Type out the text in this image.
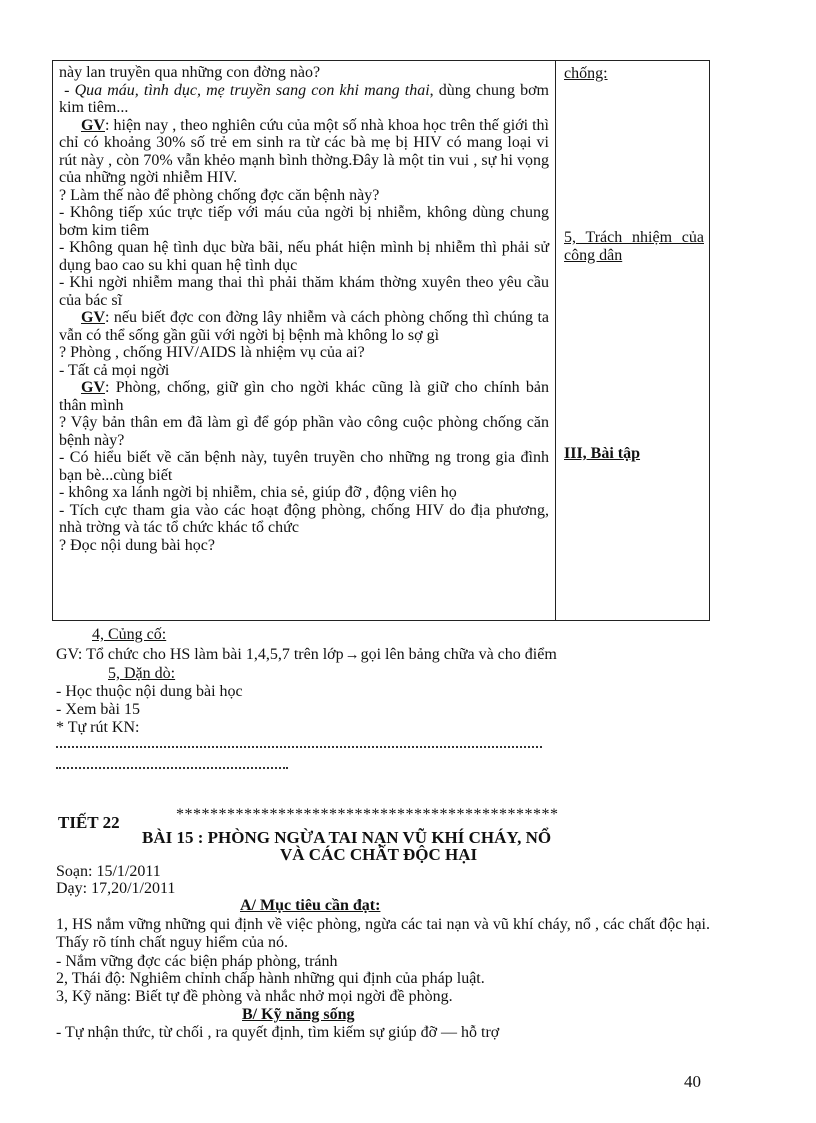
này lan truyền qua những con đờng nào?

- Qua máu, tình dục, mẹ truyền sang con khi mang thai, dùng chung bơm kim tiêm...

GV: hiện nay , theo nghiên cứu của một số nhà khoa học trên thế giới thì chỉ có khoảng 30% số trẻ em sinh ra từ các bà mẹ bị HIV có mang loại vi rút này , còn 70% vẫn khẻo mạnh bình thờng.Đây là một tin vui , sự hi vọng của những ngời nhiễm HIV.

? Làm thế nào để phòng chống đợc căn bệnh này?

- Không tiếp xúc trực tiếp với máu của ngời bị nhiễm, không dùng chung bơm kim tiêm

- Không quan hệ tình dục bừa bãi, nếu phát hiện mình bị nhiễm thì phải sử dụng bao cao su khi quan hệ tình dục

- Khi ngời nhiễm mang thai thì phải thăm khám thờng xuyên theo yêu cầu của bác sĩ

GV: nếu biết đợc con đờng lây nhiễm và cách phòng chống thì chúng ta vẫn có thể sống gần gũi với ngời bị bệnh mà không lo sợ gì

? Phòng , chống HIV/AIDS là nhiệm vụ của ai?

- Tất cả mọi ngời

GV: Phòng, chống, giữ gìn cho ngời khác cũng là giữ cho chính bản thân mình

? Vậy bản thân em đã làm gì để góp phần vào công cuộc phòng chống căn bệnh này?

- Có hiểu biết về căn bệnh này, tuyên truyền cho những ng trong gia đình bạn bè...cùng biết

- không xa lánh ngời bị nhiễm, chia sẻ, giúp đỡ , động viên họ

- Tích cực tham gia vào các hoạt động phòng, chống HIV do địa phương, nhà trờng và tác tổ chức khác tổ chức

? Đọc nội dung bài học?

chống:

5, Trách nhiệm của công dân

III, Bài tập

4, Củng cố:

GV: Tổ chức cho HS làm bài 1,4,5,7 trên lớp→gọi lên bảng chữa và cho điểm

5, Dặn dò:

- Học thuộc nội dung bài học

- Xem bài 15

* Tự rút KN:

*********************************************

TIẾT 22

BÀI 15 : PHÒNG NGỪA TAI NẠN VŨ KHÍ CHÁY, NỔ

VÀ CÁC CHẤT ĐỘC HẠI

Soạn: 15/1/2011

Dạy: 17,20/1/2011

A/ Mục tiêu cần đạt:

1, HS nắm vững những qui định về việc phòng, ngừa các tai nạn và vũ khí cháy, nổ , các chất độc hại. Thấy rõ tính chất nguy hiểm của nó.

- Nắm vững đợc các biện pháp phòng, tránh

2, Thái độ: Nghiêm chỉnh chấp hành những qui định của pháp luật.

3, Kỹ năng: Biết tự đề phòng và nhắc nhở mọi ngời đề phòng.

B/ Kỹ năng sống

- Tự nhận thức, từ chối , ra quyết định, tìm kiếm sự giúp đỡ — hỗ trợ

40
